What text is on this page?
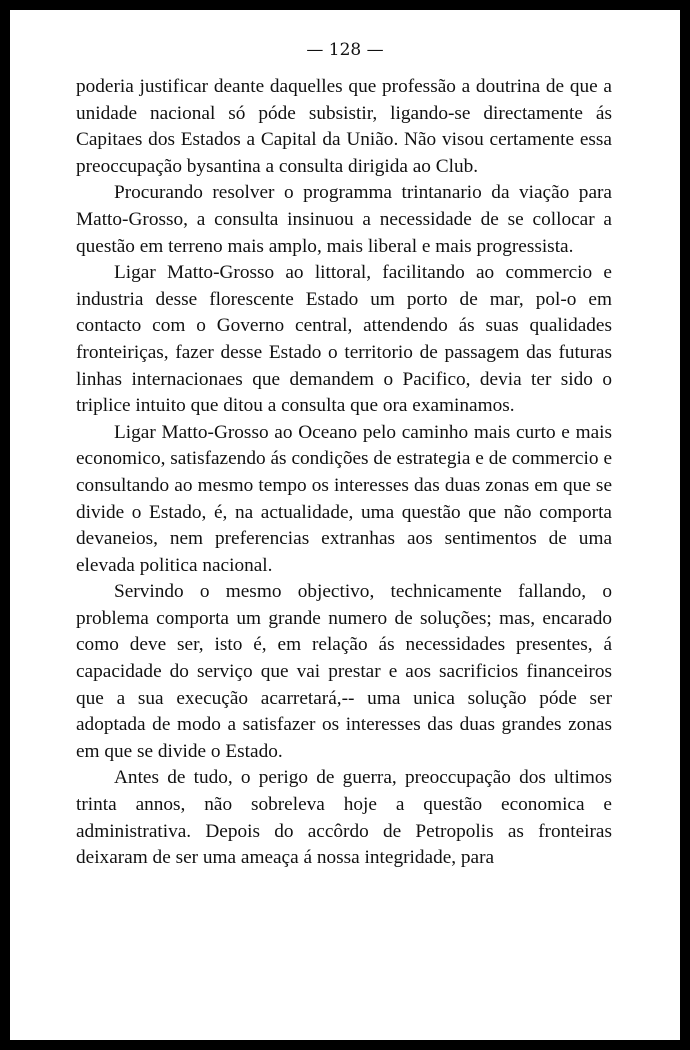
— 128 —

poderia justificar deante daquelles que professão a doutrina de que a unidade nacional só póde subsistir, ligando-se directamente ás Capitaes dos Estados a Capital da União. Não visou certamente essa preoccupação bysantina a consulta dirigida ao Club.

Procurando resolver o programma trintanario da viação para Matto-Grosso, a consulta insinuou a necessidade de se collocar a questão em terreno mais amplo, mais liberal e mais progressista.

Ligar Matto-Grosso ao littoral, facilitando ao commercio e industria desse florescente Estado um porto de mar, pol-o em contacto com o Governo central, attendendo ás suas qualidades fronteiriças, fazer desse Estado o territorio de passagem das futuras linhas internacionaes que demandem o Pacifico, devia ter sido o triplice intuito que ditou a consulta que ora examinamos.

Ligar Matto-Grosso ao Oceano pelo caminho mais curto e mais economico, satisfazendo ás condições de estrategia e de commercio e consultando ao mesmo tempo os interesses das duas zonas em que se divide o Estado, é, na actualidade, uma questão que não comporta devaneios, nem preferencias extranhas aos sentimentos de uma elevada politica nacional.

Servindo o mesmo objectivo, technicamente fallando, o problema comporta um grande numero de soluções; mas, encarado como deve ser, isto é, em relação ás necessidades presentes, á capacidade do serviço que vai prestar e aos sacrificios financeiros que a sua execução acarretará,-- uma unica solução póde ser adoptada de modo a satisfazer os interesses das duas grandes zonas em que se divide o Estado.

Antes de tudo, o perigo de guerra, preoccupação dos ultimos trinta annos, não sobreleva hoje a questão economica e administrativa. Depois do accôrdo de Petropolis as fronteiras deixaram de ser uma ameaça á nossa integridade, para
